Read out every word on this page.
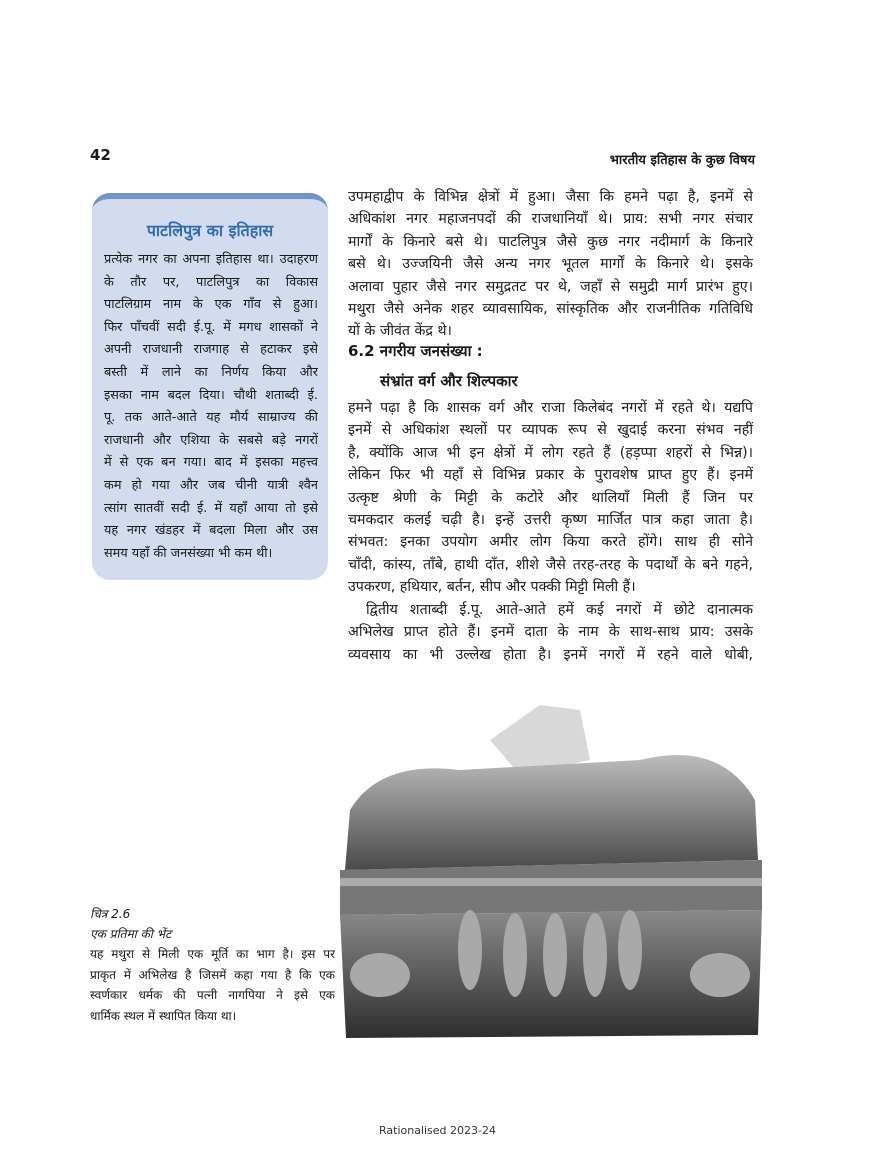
42	भारतीय इतिहास के कुछ विषय
उपमहाद्वीप के विभिन्न क्षेत्रों में हुआ। जैसा कि हमने पढ़ा है, इनमें से
अधिकांश नगर महाजनपदों की राजधानियाँ थे। प्राय: सभी नगर संचार
मार्गों के किनारे बसे थे। पाटलिपुत्र जैसे कुछ नगर नदीमार्ग के किनारे
बसे थे। उज्जयिनी जैसे अन्य नगर भूतल मार्गों के किनारे थे। इसके
अलावा पुहार जैसे नगर समुद्रतट पर थे, जहाँ से समुद्री मार्ग प्रारंभ हुए।
मथुरा जैसे अनेक शहर व्यावसायिक, सांस्कृतिक और राजनीतिक गतिविधि
यों के जीवंत केंद्र थे।
6.2 नगरीय जनसंख्या :
संभ्रांत वर्ग और शिल्पकार
हमने पढ़ा है कि शासक वर्ग और राजा किलेबंद नगरों में रहते थे। यद्यपि
इनमें से अधिकांश स्थलों पर व्यापक रूप से खुदाई करना संभव नहीं
है, क्योंकि आज भी इन क्षेत्रों में लोग रहते हैं (हड़प्पा शहरों से भिन्न)।
लेकिन फिर भी यहाँ से विभिन्न प्रकार के पुरावशेष प्राप्त हुए हैं। इनमें
उत्कृष्ट श्रेणी के मिट्टी के कटोरे और थालियाँ मिली हैं जिन पर
चमकदार कलई चढ़ी है। इन्हें उत्तरी कृष्ण मार्जित पात्र कहा जाता है।
संभवत: इनका उपयोग अमीर लोग किया करते होंगे। साथ ही सोने
चाँदी, कांस्य, ताँबे, हाथी दाँत, शीशे जैसे तरह-तरह के पदार्थों के बने गहने,
उपकरण, हथियार, बर्तन, सीप और पक्की मिट्टी मिली हैं।
द्वितीय शताब्दी ई.पू. आते-आते हमें कई नगरों में छोटे दानात्मक
अभिलेख प्राप्त होते हैं। इनमें दाता के नाम के साथ-साथ प्राय: उसके
व्यवसाय का भी उल्लेख होता है। इनमें नगरों में रहने वाले धोबी,
पाटलिपुत्र का इतिहास
प्रत्येक नगर का अपना इतिहास था। उदाहरण
के तौर पर, पाटलिपुत्र का विकास
पाटलिग्राम नाम के एक गाँव से हुआ।
फिर पाँचवीं सदी ई.पू. में मगध शासकों ने
अपनी राजधानी राजगाह से हटाकर इसे
बस्ती में लाने का निर्णय किया और
इसका नाम बदल दिया। चौथी शताब्दी ई.
पू. तक आते-आते यह मौर्य साम्राज्य की
राजधानी और एशिया के सबसे बड़े नगरों
में से एक बन गया। बाद में इसका महत्त्व
कम हो गया और जब चीनी यात्री श्वैन
त्सांग सातवीं सदी ई. में यहाँ आया तो इसे
यह नगर खंडहर में बदला मिला और उस
समय यहाँ की जनसंख्या भी कम थी।
चित्र 2.6
एक प्रतिमा की भेंट
यह मथुरा से मिली एक मूर्ति का भाग है। इस पर
प्राकृत में अभिलेख है जिसमें कहा गया है कि एक
स्वर्णकार धर्मक की पत्नी नागपिया ने इसे एक
धार्मिक स्थल में स्थापित किया था।
Rationalised 2023-24
